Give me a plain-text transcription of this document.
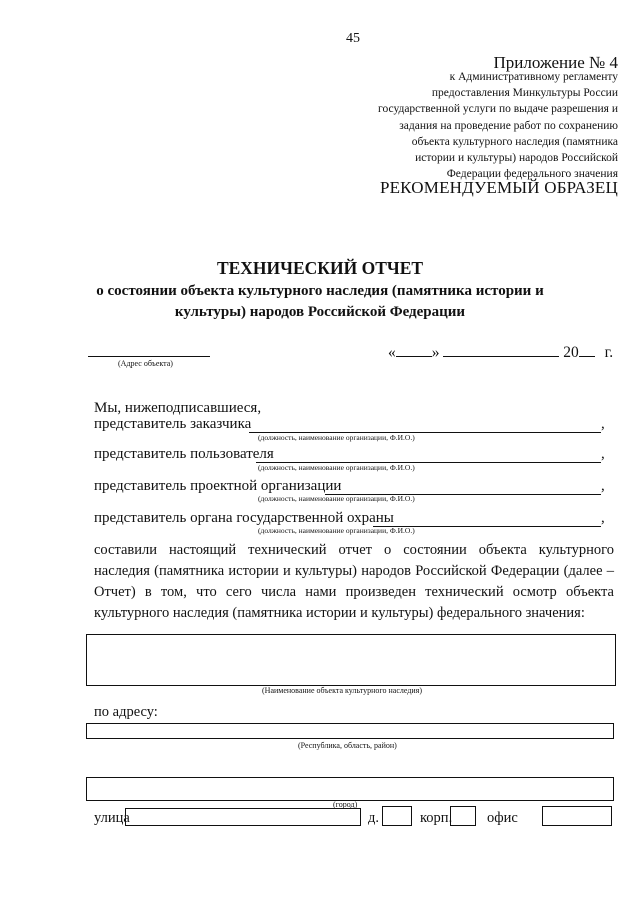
45
Приложение № 4
к Административному регламенту
предоставления Минкультуры России
государственной услуги по выдаче разрешения и
задания на проведение работ по сохранению
объекта культурного наследия (памятника
истории и культуры) народов Российской
Федерации федерального значения
РЕКОМЕНДУЕМЫЙ ОБРАЗЕЦ
ТЕХНИЧЕСКИЙ ОТЧЕТ
о состоянии объекта культурного наследия (памятника истории и
культуры) народов Российской Федерации
(Адрес объекта)
« »	20 г.
Мы, нижеподписавшиеся,
представитель заказчика	,
(должность, наименование организации, Ф.И.О.)
представитель пользователя	,
(должность, наименование организации, Ф.И.О.)
представитель проектной организации	,
(должность, наименование организации, Ф.И.О.)
представитель органа государственной охраны	,
(должность, наименование организации, Ф.И.О.)
составили настоящий технический отчет о состоянии объекта культурного наследия (памятника истории и культуры) народов Российской Федерации (далее – Отчет) в том, что сего числа нами произведен технический осмотр объекта культурного наследия (памятника истории и культуры) федерального значения:
(Наименование объекта культурного наследия)
по адресу:
(Республика, область, район)
(город)
улица	д.	корп. офис
